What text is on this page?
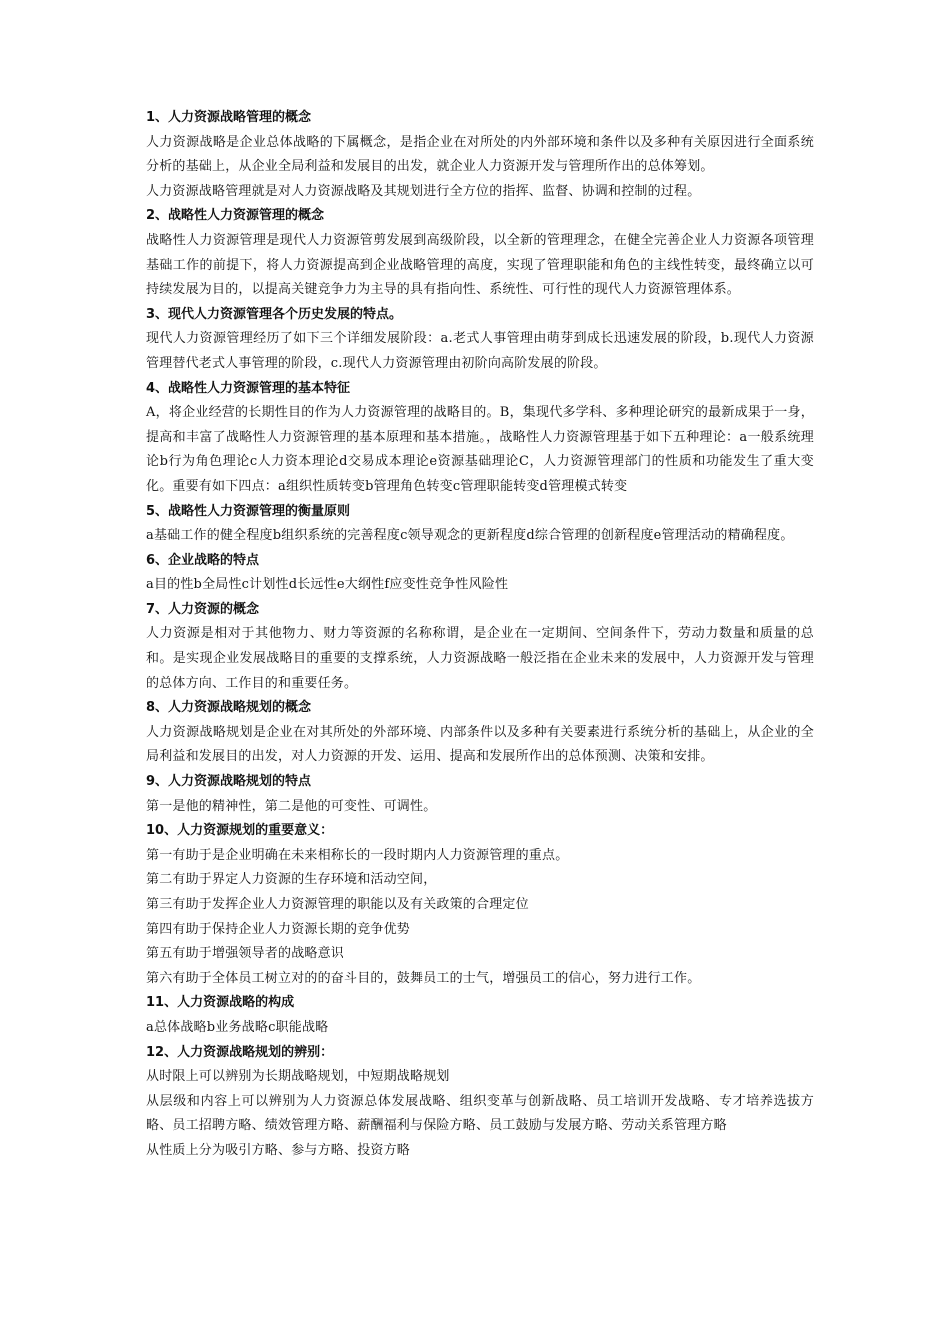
1、人力资源战略管理的概念

人力资源战略是企业总体战略的下属概念，是指企业在对所处的内外部环境和条件以及多种有关原因进行全面系统分析的基础上，从企业全局利益和发展目的出发，就企业人力资源开发与管理所作出的总体筹划。

人力资源战略管理就是对人力资源战略及其规划进行全方位的指挥、监督、协调和控制的过程。

2、战略性人力资源管理的概念

战略性人力资源管理是现代人力资源管剪发展到高级阶段，以全新的管理理念，在健全完善企业人力资源各项管理基础工作的前提下，将人力资源提高到企业战略管理的高度，实现了管理职能和角色的主线性转变，最终确立以可持续发展为目的，以提高关键竞争力为主导的具有指向性、系统性、可行性的现代人力资源管理体系。

3、现代人力资源管理各个历史发展的特点。

现代人力资源管理经历了如下三个详细发展阶段：a.老式人事管理由萌芽到成长迅速发展的阶段，b.现代人力资源管理替代老式人事管理的阶段，c.现代人力资源管理由初阶向高阶发展的阶段。

4、战略性人力资源管理的基本特征

A，将企业经营的长期性目的作为人力资源管理的战略目的。B，集现代多学科、多种理论研究的最新成果于一身，提高和丰富了战略性人力资源管理的基本原理和基本措施。，战略性人力资源管理基于如下五种理论：a一般系统理论b行为角色理论c人力资本理论d交易成本理论e资源基础理论C，人力资源管理部门的性质和功能发生了重大变化。重要有如下四点：a组织性质转变b管理角色转变c管理职能转变d管理模式转变

5、战略性人力资源管理的衡量原则

a基础工作的健全程度b组织系统的完善程度c领导观念的更新程度d综合管理的创新程度e管理活动的精确程度。

6、企业战略的特点

a目的性b全局性c计划性d长远性e大纲性f应变性竞争性风险性

7、人力资源的概念

人力资源是相对于其他物力、财力等资源的名称称谓，是企业在一定期间、空间条件下，劳动力数量和质量的总和。是实现企业发展战略目的重要的支撑系统，人力资源战略一般泛指在企业未来的发展中，人力资源开发与管理的总体方向、工作目的和重要任务。

8、人力资源战略规划的概念

人力资源战略规划是企业在对其所处的外部环境、内部条件以及多种有关要素进行系统分析的基础上，从企业的全局利益和发展目的出发，对人力资源的开发、运用、提高和发展所作出的总体预测、决策和安排。

9、人力资源战略规划的特点

第一是他的精神性，第二是他的可变性、可调性。

10、人力资源规划的重要意义：

第一有助于是企业明确在未来相称长的一段时期内人力资源管理的重点。

第二有助于界定人力资源的生存环境和活动空间，

第三有助于发挥企业人力资源管理的职能以及有关政策的合理定位

第四有助于保持企业人力资源长期的竞争优势

第五有助于增强领导者的战略意识

第六有助于全体员工树立对的的奋斗目的，鼓舞员工的士气，增强员工的信心，努力进行工作。

11、人力资源战略的构成

a总体战略b业务战略c职能战略

12、人力资源战略规划的辨别：

从时限上可以辨别为长期战略规划，中短期战略规划

从层级和内容上可以辨别为人力资源总体发展战略、组织变革与创新战略、员工培训开发战略、专才培养选拔方略、员工招聘方略、绩效管理方略、薪酬福利与保险方略、员工鼓励与发展方略、劳动关系管理方略

从性质上分为吸引方略、参与方略、投资方略
